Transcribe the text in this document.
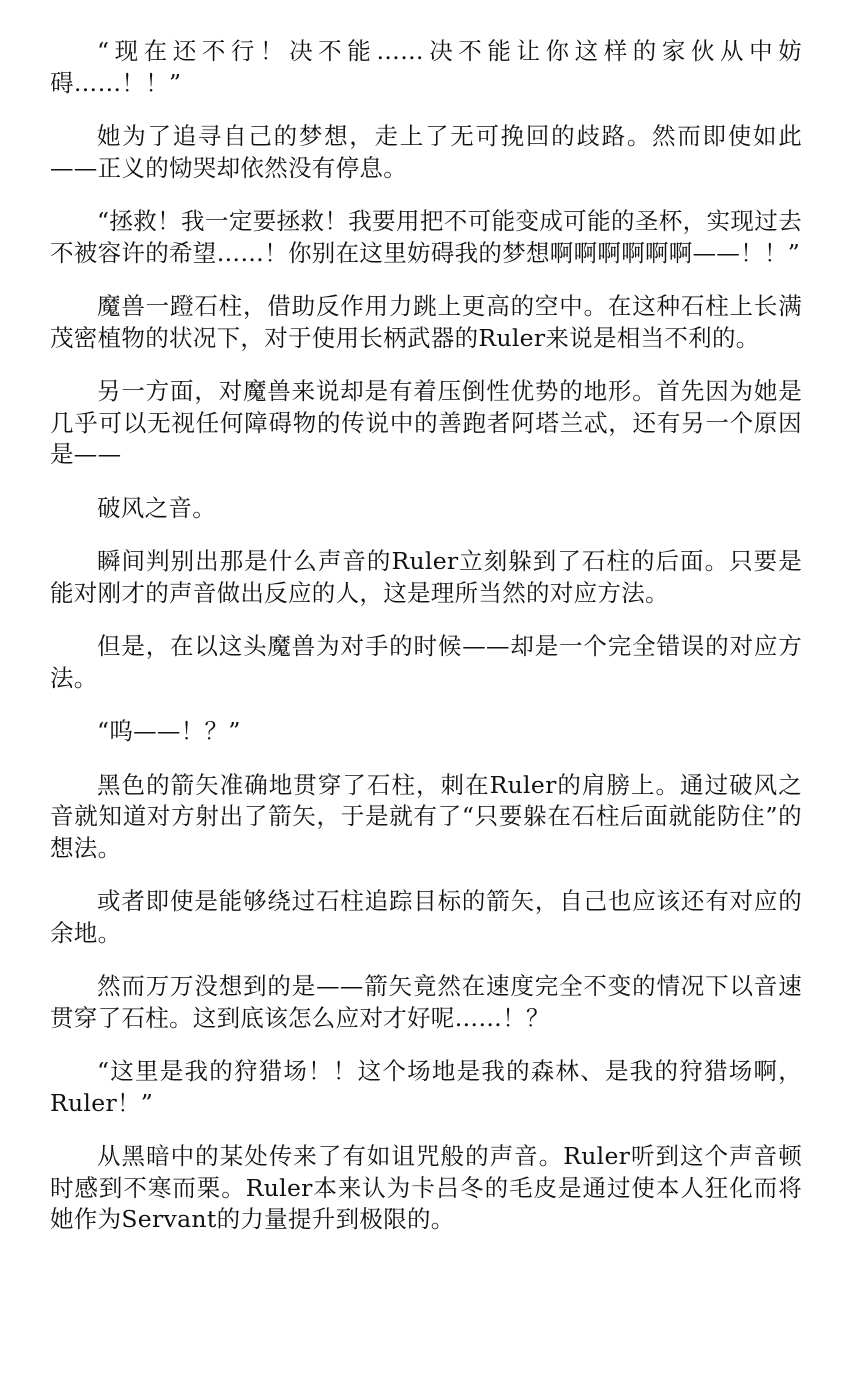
“现在还不行！决不能……决不能让你这样的家伙从中妨碍……！！”

她为了追寻自己的梦想，走上了无可挽回的歧路。然而即使如此——正义的恸哭却依然没有停息。

“拯救！我一定要拯救！我要用把不可能变成可能的圣杯，实现过去不被容许的希望……！你别在这里妨碍我的梦想啊啊啊啊啊啊——！！”

魔兽一蹬石柱，借助反作用力跳上更高的空中。在这种石柱上长满茂密植物的状况下，对于使用长柄武器的Ruler来说是相当不利的。

另一方面，对魔兽来说却是有着压倒性优势的地形。首先因为她是几乎可以无视任何障碍物的传说中的善跑者阿塔兰忒，还有另一个原因是——

破风之音。

瞬间判别出那是什么声音的Ruler立刻躲到了石柱的后面。只要是能对刚才的声音做出反应的人，这是理所当然的对应方法。

但是，在以这头魔兽为对手的时候——却是一个完全错误的对应方法。

“呜——！？”

黑色的箭矢准确地贯穿了石柱，刺在Ruler的肩膀上。通过破风之音就知道对方射出了箭矢，于是就有了“只要躲在石柱后面就能防住”的想法。

或者即使是能够绕过石柱追踪目标的箭矢，自己也应该还有对应的余地。

然而万万没想到的是——箭矢竟然在速度完全不变的情况下以音速贯穿了石柱。这到底该怎么应对才好呢……！？

“这里是我的狩猎场！！这个场地是我的森林、是我的狩猎场啊，Ruler！”

从黑暗中的某处传来了有如诅咒般的声音。Ruler听到这个声音顿时感到不寒而栗。Ruler本来认为卡吕冬的毛皮是通过使本人狂化而将她作为Servant的力量提升到极限的。
